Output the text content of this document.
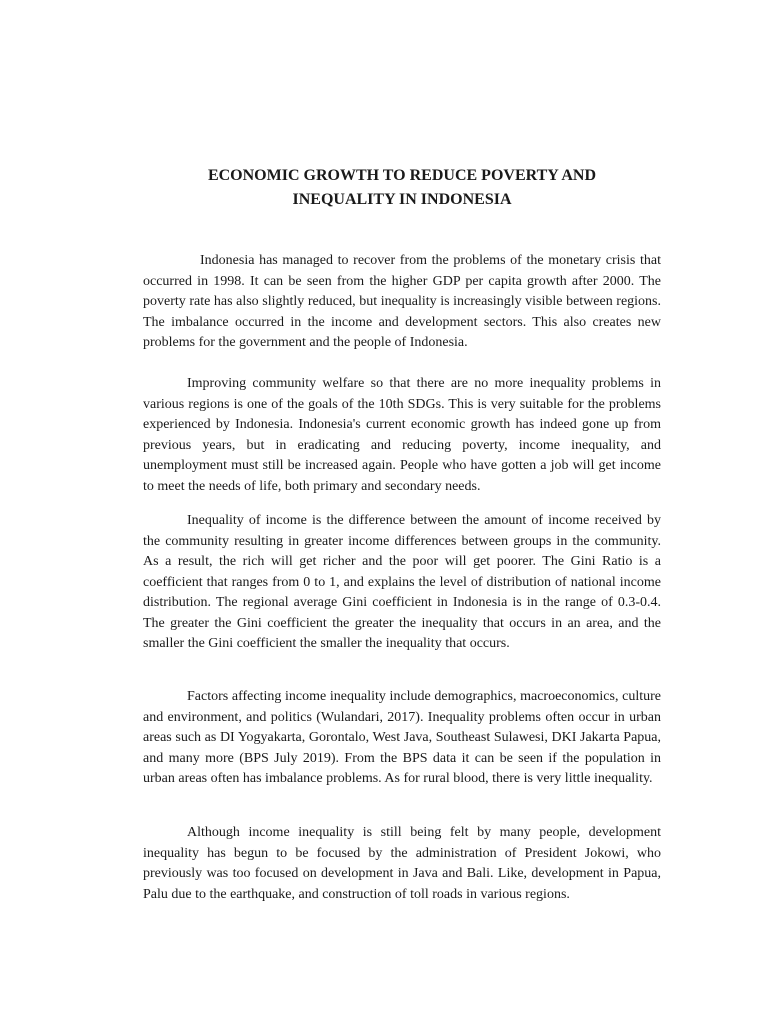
ECONOMIC GROWTH TO REDUCE POVERTY AND
INEQUALITY IN INDONESIA

Indonesia has managed to recover from the problems of the monetary crisis that occurred in 1998. It can be seen from the higher GDP per capita growth after 2000. The poverty rate has also slightly reduced, but inequality is increasingly visible between regions. The imbalance occurred in the income and development sectors. This also creates new problems for the government and the people of Indonesia.

Improving community welfare so that there are no more inequality problems in various regions is one of the goals of the 10th SDGs. This is very suitable for the problems experienced by Indonesia. Indonesia's current economic growth has indeed gone up from previous years, but in eradicating and reducing poverty, income inequality, and unemployment must still be increased again. People who have gotten a job will get income to meet the needs of life, both primary and secondary needs.

Inequality of income is the difference between the amount of income received by the community resulting in greater income differences between groups in the community. As a result, the rich will get richer and the poor will get poorer. The Gini Ratio is a coefficient that ranges from 0 to 1, and explains the level of distribution of national income distribution. The regional average Gini coefficient in Indonesia is in the range of 0.3-0.4. The greater the Gini coefficient the greater the inequality that occurs in an area, and the smaller the Gini coefficient the smaller the inequality that occurs.

Factors affecting income inequality include demographics, macroeconomics, culture and environment, and politics (Wulandari, 2017). Inequality problems often occur in urban areas such as DI Yogyakarta, Gorontalo, West Java, Southeast Sulawesi, DKI Jakarta Papua, and many more (BPS July 2019). From the BPS data it can be seen if the population in urban areas often has imbalance problems. As for rural blood, there is very little inequality.

Although income inequality is still being felt by many people, development inequality has begun to be focused by the administration of President Jokowi, who previously was too focused on development in Java and Bali. Like, development in Papua, Palu due to the earthquake, and construction of toll roads in various regions.
